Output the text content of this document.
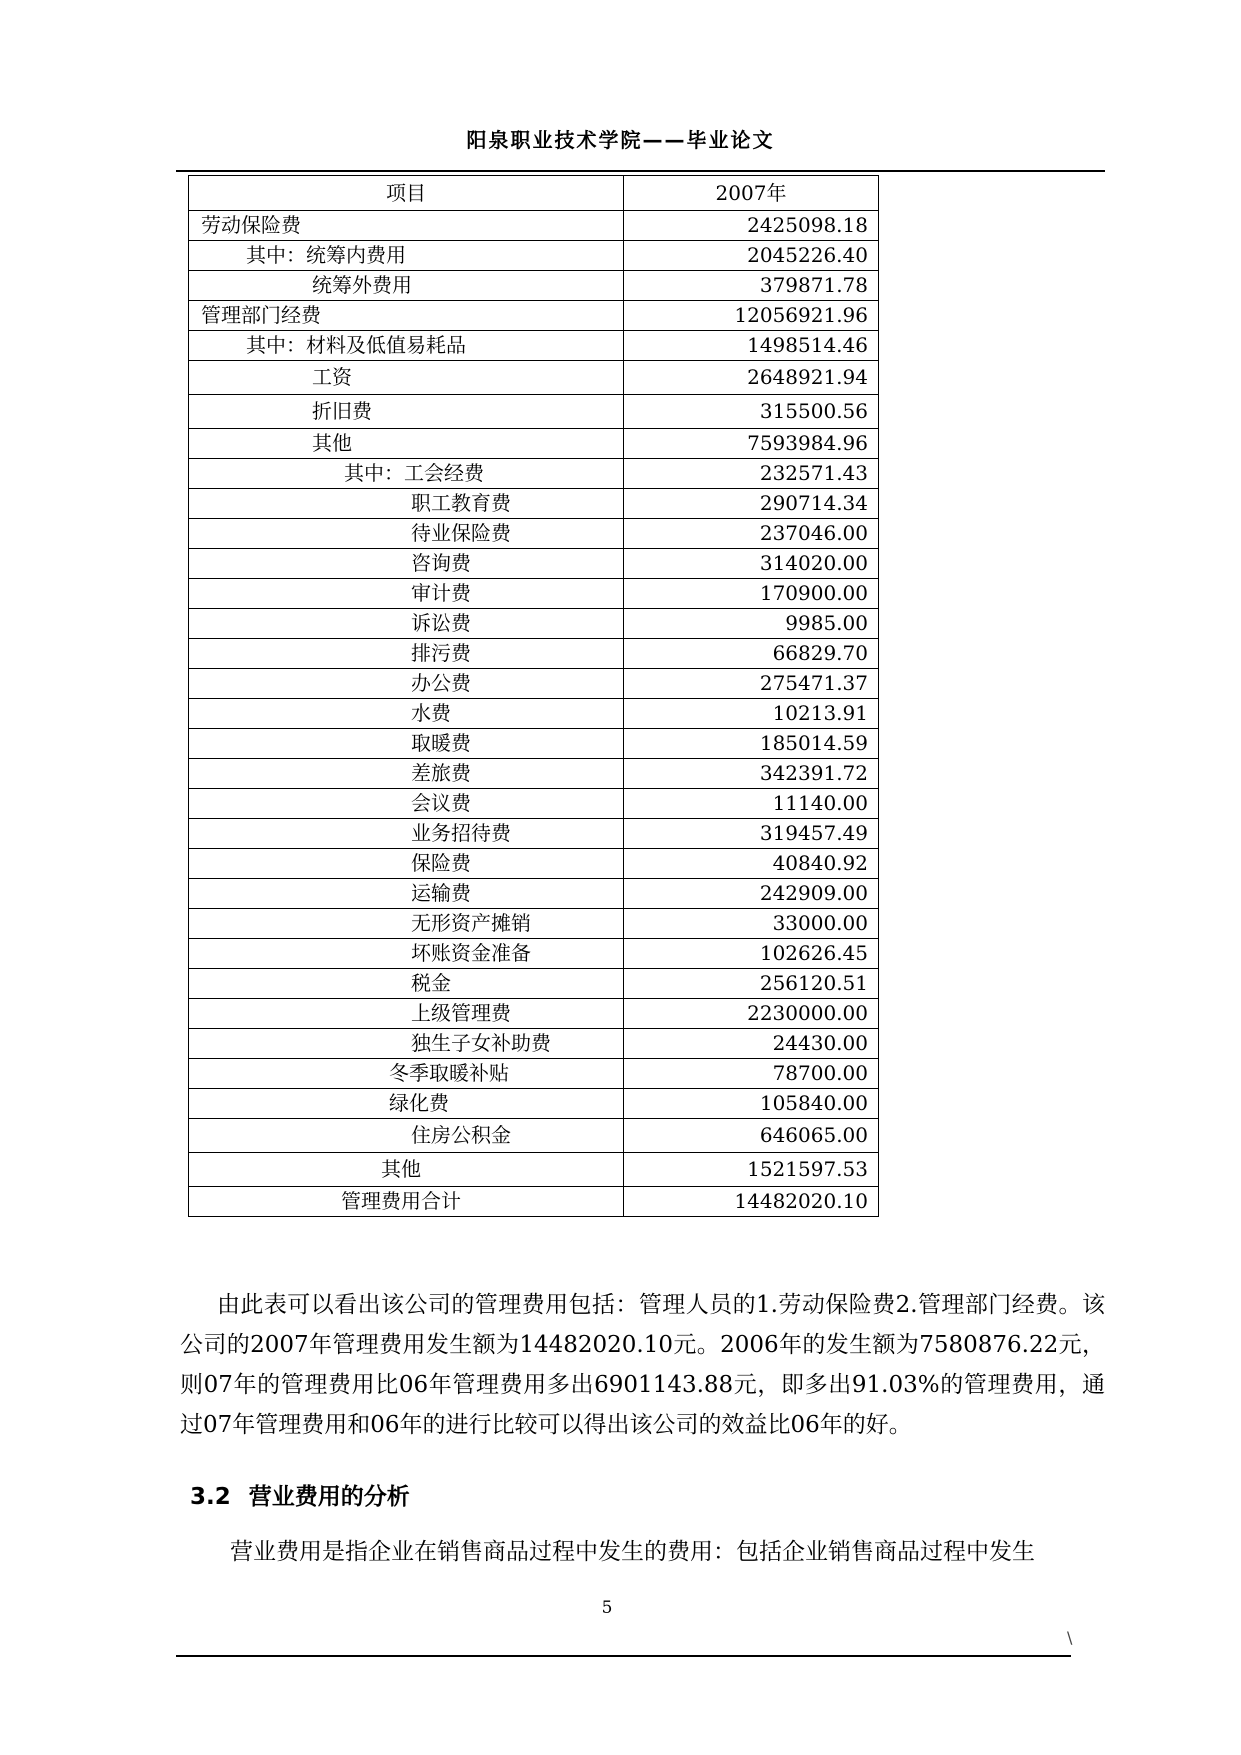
阳泉职业技术学院——毕业论文
项目	2007年
劳动保险费	2425098.18
其中：统筹内费用	2045226.40
统筹外费用	379871.78
管理部门经费	12056921.96
其中：材料及低值易耗品	1498514.46
工资	2648921.94
折旧费	315500.56
其他	7593984.96
其中：工会经费	232571.43
职工教育费	290714.34
待业保险费	237046.00
咨询费	314020.00
审计费	170900.00
诉讼费	9985.00
排污费	66829.70
办公费	275471.37
水费	10213.91
取暖费	185014.59
差旅费	342391.72
会议费	11140.00
业务招待费	319457.49
保险费	40840.92
运输费	242909.00
无形资产摊销	33000.00
坏账资金准备	102626.45
税金	256120.51
上级管理费	2230000.00
独生子女补助费	24430.00
冬季取暖补贴	78700.00
绿化费	105840.00
住房公积金	646065.00
其他	1521597.53
管理费用合计	14482020.10

由此表可以看出该公司的管理费用包括：管理人员的1.劳动保险费2.管理部门经费。该公司的2007年管理费用发生额为14482020.10元。2006年的发生额为7580876.22元，则07年的管理费用比06年管理费用多出6901143.88元，即多出91.03%的管理费用，通过07年管理费用和06年的进行比较可以得出该公司的效益比06年的好。

3.2 营业费用的分析

营业费用是指企业在销售商品过程中发生的费用：包括企业销售商品过程中发生

5
\
